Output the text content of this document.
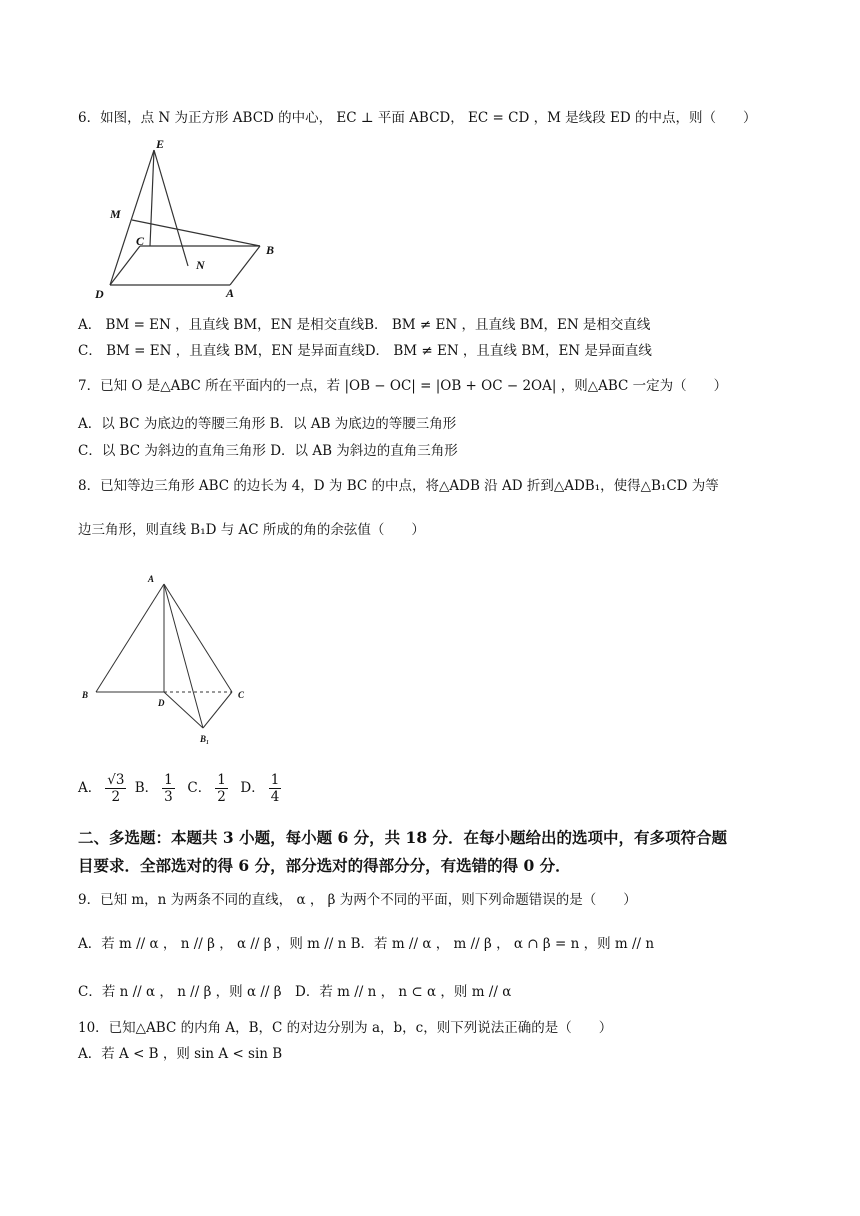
6．如图，点 N 为正方形 ABCD 的中心， EC ⊥ 平面 ABCD， EC = CD ，M 是线段 ED 的中点，则（　　）
E
M
C
B
N
D	A
A． BM = EN ，且直线 BM，EN 是相交直线B． BM ≠ EN ，且直线 BM，EN 是相交直线
C． BM = EN ，且直线 BM，EN 是异面直线D． BM ≠ EN ，且直线 BM，EN 是异面直线
7．已知 O 是△ABC 所在平面内的一点，若 |OB − OC| = |OB + OC − 2OA| ，则△ABC 一定为（　　）
A．以 BC 为底边的等腰三角形 B．以 AB 为底边的等腰三角形
C．以 BC 为斜边的直角三角形 D．以 AB 为斜边的直角三角形
8．已知等边三角形 ABC 的边长为 4，D 为 BC 的中点，将△ADB 沿 AD 折到△ADB₁，使得△B₁CD 为等
边三角形，则直线 B₁D 与 AC 所成的角的余弦值（　　）
A
B
D
C
B₁
A． $\frac{√3}{2}$ B． $\frac{1}{3}$ C． $\frac{1}{2}$ D． $\frac{1}{4}$
二、多选题：本题共 3 小题，每小题 6 分，共 18 分．在每小题给出的选项中，有多项符合题
目要求．全部选对的得 6 分，部分选对的得部分分，有选错的得 0 分．
9．已知 m，n 为两条不同的直线， α ， β 为两个不同的平面，则下列命题错误的是（　　）
A．若 m // α ， n // β ， α // β ，则 m // n B．若 m // α ， m // β ， α ∩ β = n ，则 m // n
C．若 n // α ， n // β ，则 α // β　D．若 m // n ， n ⊂ α ，则 m // α
10．已知△ABC 的内角 A，B，C 的对边分别为 a，b，c，则下列说法正确的是（　　）
A．若 A < B ，则 sin A < sin B
